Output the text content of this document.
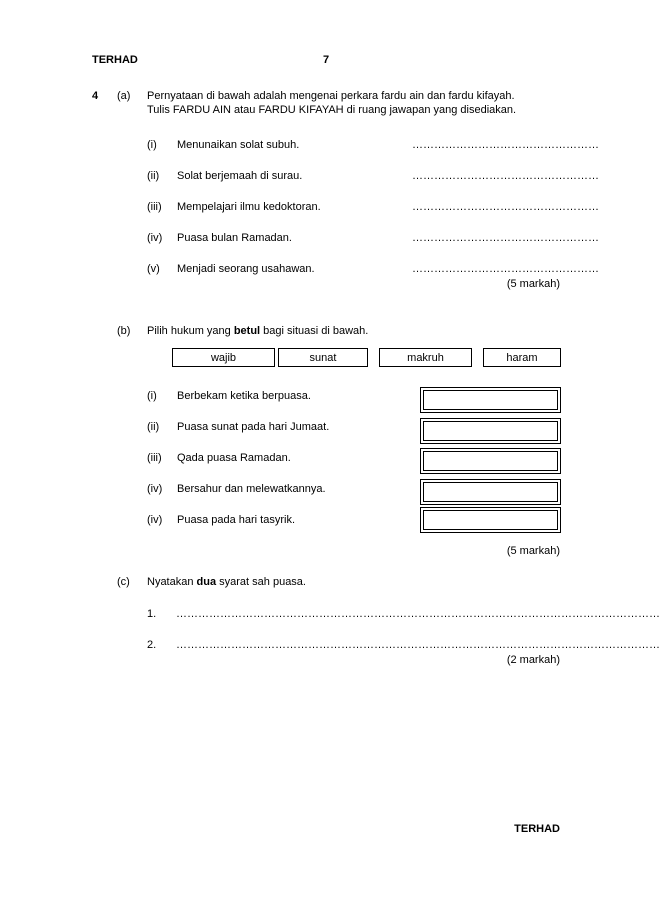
TERHAD	7
4 (a) Pernyataan di bawah adalah mengenai perkara fardu ain dan fardu kifayah.
Tulis FARDU AIN atau FARDU KIFAYAH di ruang jawapan yang disediakan.
(i) Menunaikan solat subuh.	……………………………………………
(ii) Solat berjemaah di surau.	……………………………………………
(iii) Mempelajari ilmu kedoktoran.	……………………………………………
(iv) Puasa bulan Ramadan.	……………………………………………
(v) Menjadi seorang usahawan.	……………………………………………
(5 markah)
(b) Pilih hukum yang betul bagi situasi di bawah.
wajib	sunat	makruh	haram
(i) Berbekam ketika berpuasa.
(ii) Puasa sunat pada hari Jumaat.
(iii) Qada puasa Ramadan.
(iv) Bersahur dan melewatkannya.
(iv) Puasa pada hari tasyrik.
(5 markah)
(c) Nyatakan dua syarat sah puasa.
1. ……………………………………………………………………………………………………………………
2. ……………………………………………………………………………………………………………………
(2 markah)
TERHAD
